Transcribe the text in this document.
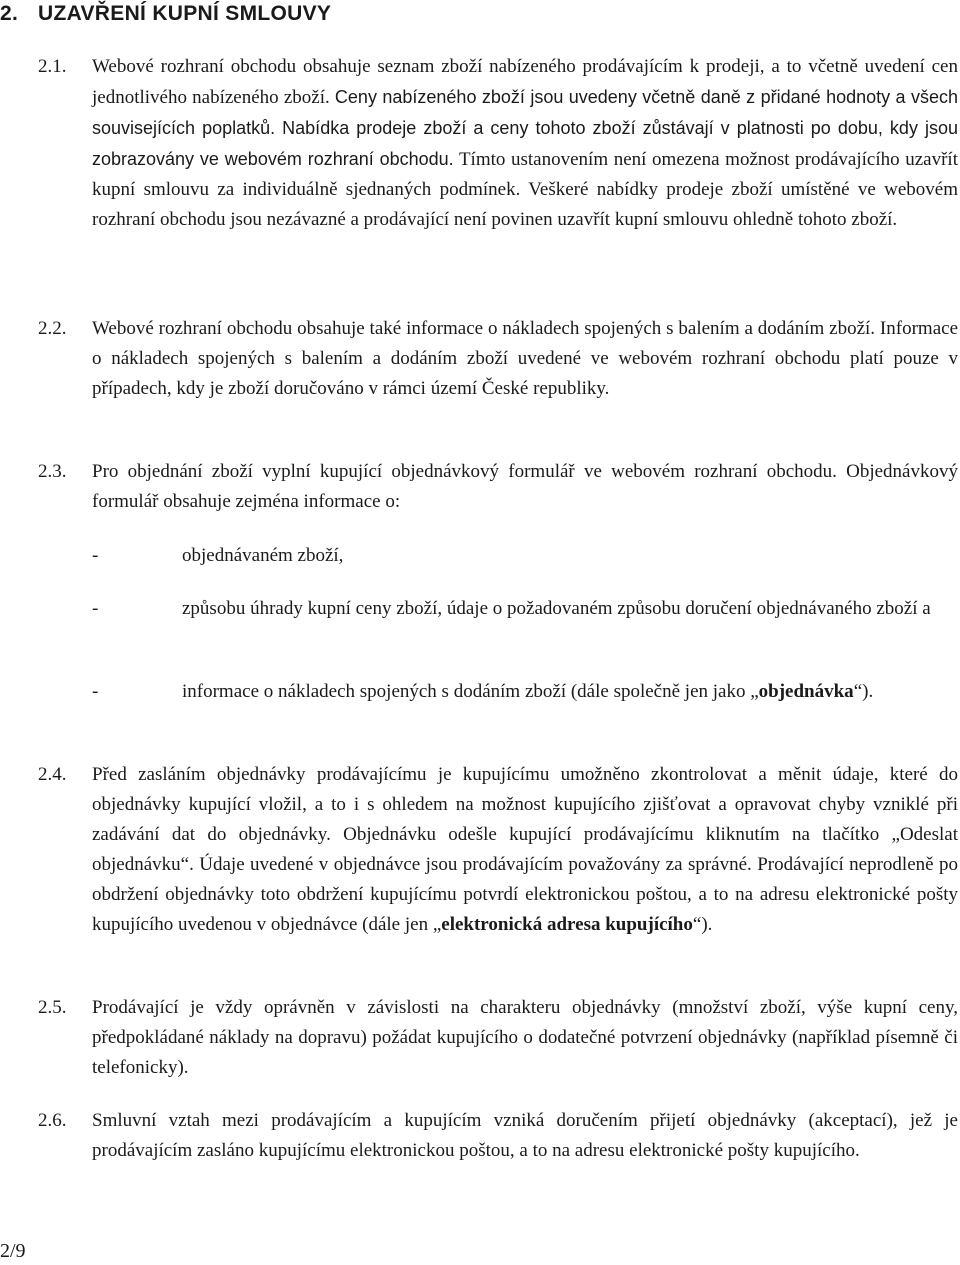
2. UZAVŘENÍ KUPNÍ SMLOUVY
2.1. Webové rozhraní obchodu obsahuje seznam zboží nabízeného prodávajícím k prodeji, a to včetně uvedení cen jednotlivého nabízeného zboží. Ceny nabízeného zboží jsou uvedeny včetně daně z přidané hodnoty a všech souvisejících poplatků. Nabídka prodeje zboží a ceny tohoto zboží zůstávají v platnosti po dobu, kdy jsou zobrazovány ve webovém rozhraní obchodu. Tímto ustanovením není omezena možnost prodávajícího uzavřít kupní smlouvu za individuálně sjednaných podmínek. Veškeré nabídky prodeje zboží umístěné ve webovém rozhraní obchodu jsou nezávazné a prodávající není povinen uzavřít kupní smlouvu ohledně tohoto zboží.
2.2. Webové rozhraní obchodu obsahuje také informace o nákladech spojených s balením a dodáním zboží. Informace o nákladech spojených s balením a dodáním zboží uvedené ve webovém rozhraní obchodu platí pouze v případech, kdy je zboží doručováno v rámci území České republiky.
2.3. Pro objednání zboží vyplní kupující objednávkový formulář ve webovém rozhraní obchodu. Objednávkový formulář obsahuje zejména informace o:
-	objednávaném zboží,
-	způsobu úhrady kupní ceny zboží, údaje o požadovaném způsobu doručení objednávaného zboží a
-	informace o nákladech spojených s dodáním zboží (dále společně jen jako „objednávka“).
2.4. Před zasláním objednávky prodávajícímu je kupujícímu umožněno zkontrolovat a měnit údaje, které do objednávky kupující vložil, a to i s ohledem na možnost kupujícího zjišťovat a opravovat chyby vzniklé při zadávání dat do objednávky. Objednávku odešle kupující prodávajícímu kliknutím na tlačítko „Odeslat objednávku“. Údaje uvedené v objednávce jsou prodávajícím považovány za správné. Prodávající neprodleně po obdržení objednávky toto obdržení kupujícímu potvrdí elektronickou poštou, a to na adresu elektronické pošty kupujícího uvedenou v objednávce (dále jen „elektronická adresa kupujícího“).
2.5. Prodávající je vždy oprávněn v závislosti na charakteru objednávky (množství zboží, výše kupní ceny, předpokládané náklady na dopravu) požádat kupujícího o dodatečné potvrzení objednávky (například písemně či telefonicky).
2.6. Smluvní vztah mezi prodávajícím a kupujícím vzniká doručením přijetí objednávky (akceptací), jež je prodávajícím zasláno kupujícímu elektronickou poštou, a to na adresu elektronické pošty kupujícího.
2/9
